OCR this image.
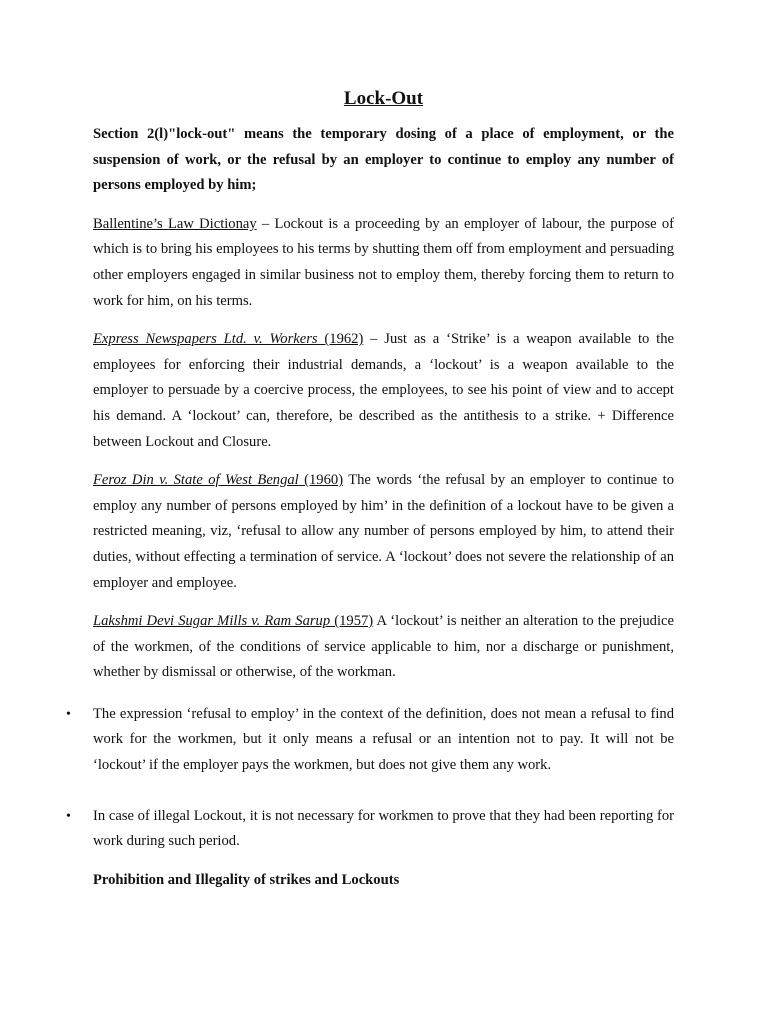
Lock-Out

Section 2(l)"lock-out" means the temporary dosing of a place of employment, or the suspension of work, or the refusal by an employer to continue to employ any number of persons employed by him;

Ballentine’s Law Dictionay – Lockout is a proceeding by an employer of labour, the purpose of which is to bring his employees to his terms by shutting them off from employment and persuading other employers engaged in similar business not to employ them, thereby forcing them to return to work for him, on his terms.

Express Newspapers Ltd. v. Workers (1962) – Just as a ‘Strike’ is a weapon available to the employees for enforcing their industrial demands, a ‘lockout’ is a weapon available to the employer to persuade by a coercive process, the employees, to see his point of view and to accept his demand. A ‘lockout’ can, therefore, be described as the antithesis to a strike. + Difference between Lockout and Closure.

Feroz Din v. State of West Bengal (1960) The words ‘the refusal by an employer to continue to employ any number of persons employed by him’ in the definition of a lockout have to be given a restricted meaning, viz, ‘refusal to allow any number of persons employed by him, to attend their duties, without effecting a termination of service. A ‘lockout’ does not severe the relationship of an employer and employee.

Lakshmi Devi Sugar Mills v. Ram Sarup (1957) A ‘lockout’ is neither an alteration to the prejudice of the workmen, of the conditions of service applicable to him, nor a discharge or punishment, whether by dismissal or otherwise, of the workman.

• The expression ‘refusal to employ’ in the context of the definition, does not mean a refusal to find work for the workmen, but it only means a refusal or an intention not to pay. It will not be ‘lockout’ if the employer pays the workmen, but does not give them any work.

• In case of illegal Lockout, it is not necessary for workmen to prove that they had been reporting for work during such period.

Prohibition and Illegality of strikes and Lockouts
